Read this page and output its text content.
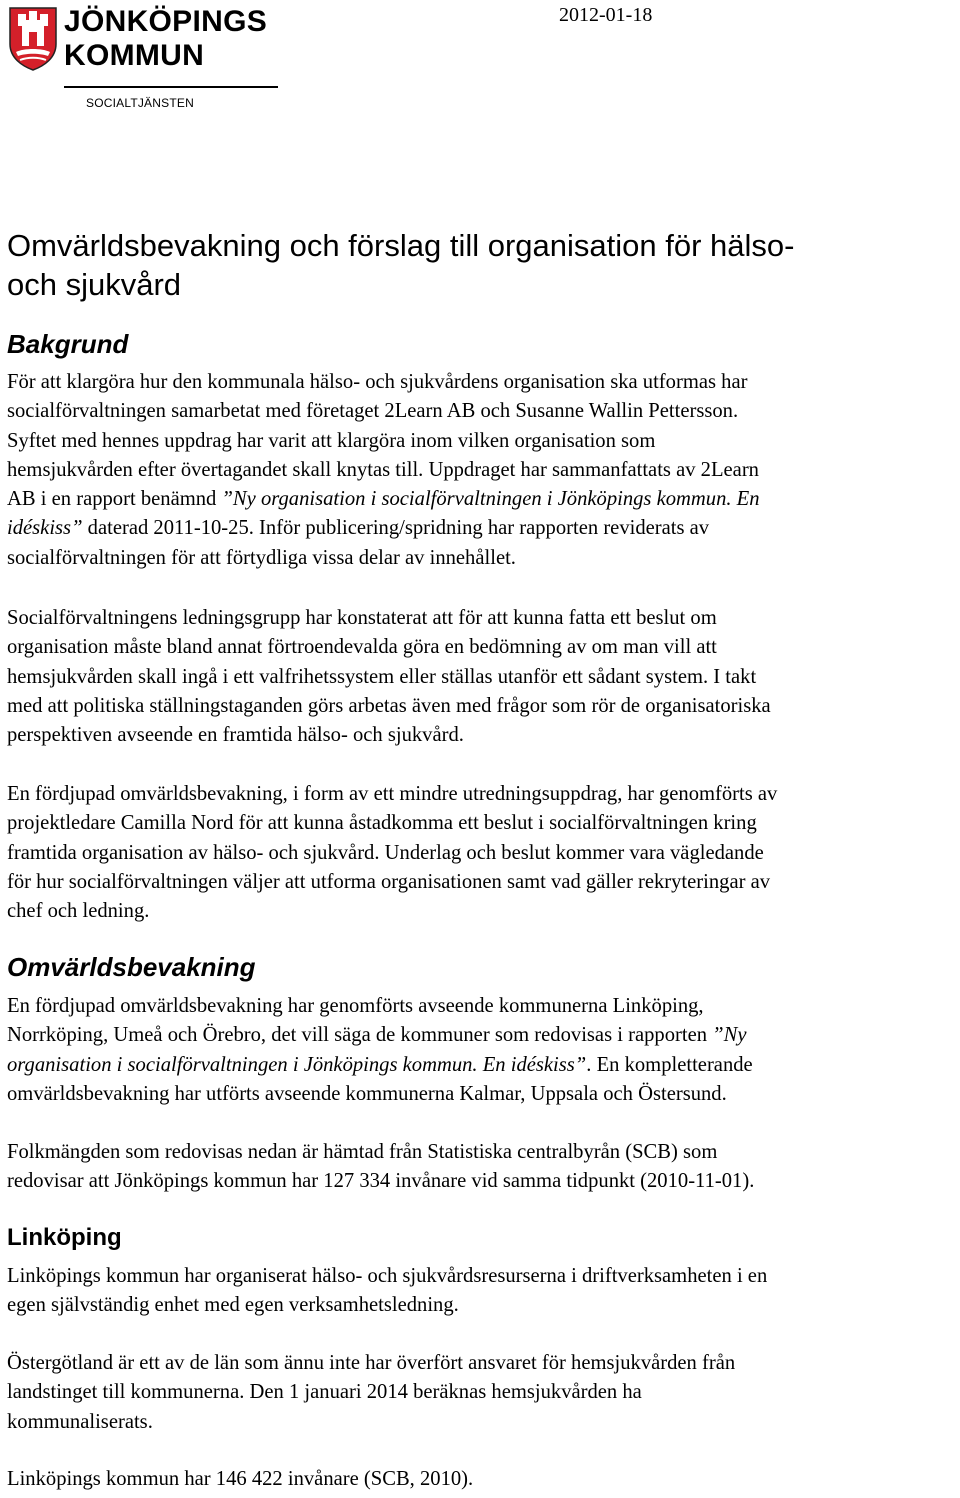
JÖNKÖPINGS
KOMMUN
SOCIALTJÄNSTEN
2012-01-18
Omvärldsbevakning och förslag till organisation för hälso-
och sjukvård
Bakgrund
För att klargöra hur den kommunala hälso- och sjukvårdens organisation ska utformas har
socialförvaltningen samarbetat med företaget 2Learn AB och Susanne Wallin Pettersson.
Syftet med hennes uppdrag har varit att klargöra inom vilken organisation som
hemsjukvården efter övertagandet skall knytas till. Uppdraget har sammanfattats av 2Learn
AB i en rapport benämnd ”Ny organisation i socialförvaltningen i Jönköpings kommun. En
idéskiss” daterad 2011-10-25. Inför publicering/spridning har rapporten reviderats av
socialförvaltningen för att förtydliga vissa delar av innehållet.
Socialförvaltningens ledningsgrupp har konstaterat att för att kunna fatta ett beslut om
organisation måste bland annat förtroendevalda göra en bedömning av om man vill att
hemsjukvården skall ingå i ett valfrihetssystem eller ställas utanför ett sådant system. I takt
med att politiska ställningstaganden görs arbetas även med frågor som rör de organisatoriska
perspektiven avseende en framtida hälso- och sjukvård.
En fördjupad omvärldsbevakning, i form av ett mindre utredningsuppdrag, har genomförts av
projektledare Camilla Nord för att kunna åstadkomma ett beslut i socialförvaltningen kring
framtida organisation av hälso- och sjukvård. Underlag och beslut kommer vara vägledande
för hur socialförvaltningen väljer att utforma organisationen samt vad gäller rekryteringar av
chef och ledning.
Omvärldsbevakning
En fördjupad omvärldsbevakning har genomförts avseende kommunerna Linköping,
Norrköping, Umeå och Örebro, det vill säga de kommuner som redovisas i rapporten ”Ny
organisation i socialförvaltningen i Jönköpings kommun. En idéskiss”. En kompletterande
omvärldsbevakning har utförts avseende kommunerna Kalmar, Uppsala och Östersund.
Folkmängden som redovisas nedan är hämtad från Statistiska centralbyrån (SCB) som
redovisar att Jönköpings kommun har 127 334 invånare vid samma tidpunkt (2010-11-01).
Linköping
Linköpings kommun har organiserat hälso- och sjukvårdsresurserna i driftverksamheten i en
egen självständig enhet med egen verksamhetsledning.
Östergötland är ett av de län som ännu inte har överfört ansvaret för hemsjukvården från
landstinget till kommunerna. Den 1 januari 2014 beräknas hemsjukvården ha
kommunaliserats.
Linköpings kommun har 146 422 invånare (SCB, 2010).
